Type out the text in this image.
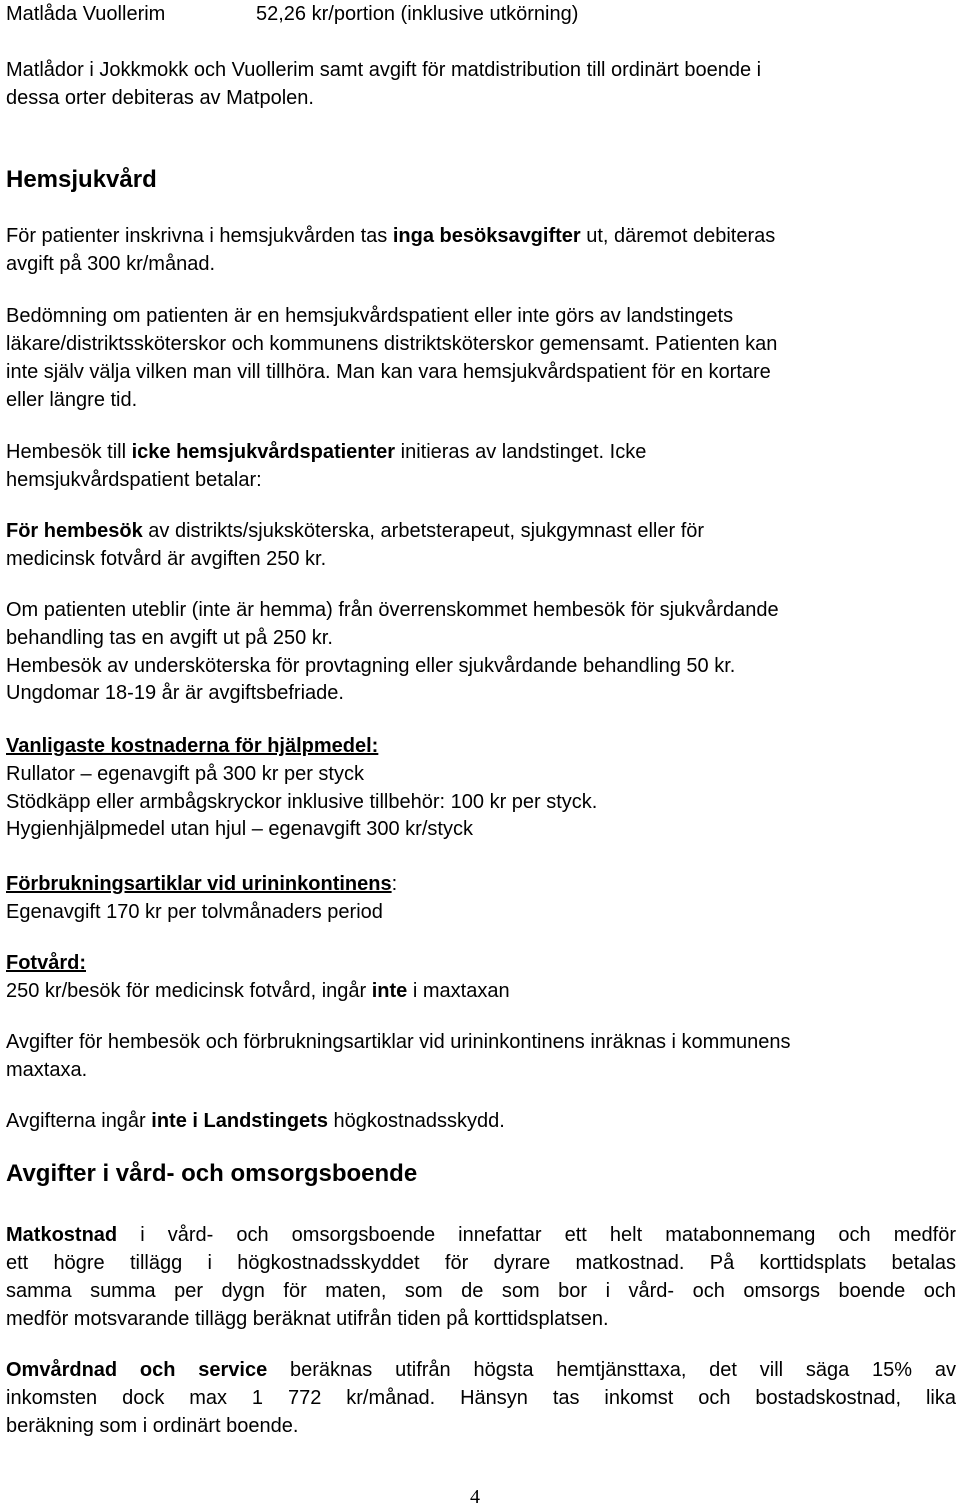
Matlåda Vuollerim	52,26 kr/portion (inklusive utkörning)
Matlådor i Jokkmokk och Vuollerim samt avgift för matdistribution till ordinärt boende i
dessa orter debiteras av Matpolen.
Hemsjukvård
För patienter inskrivna i hemsjukvården tas inga besöksavgifter ut, däremot debiteras
avgift på 300 kr/månad.
Bedömning om patienten är en hemsjukvårdspatient eller inte görs av landstingets
läkare/distriktssköterskor och kommunens distriktsköterskor gemensamt. Patienten kan
inte själv välja vilken man vill tillhöra. Man kan vara hemsjukvårdspatient för en kortare
eller längre tid.
Hembesök till icke hemsjukvårdspatienter initieras av landstinget. Icke
hemsjukvårdspatient betalar:
För hembesök av distrikts/sjuksköterska, arbetsterapeut, sjukgymnast eller för
medicinsk fotvård är avgiften 250 kr.
Om patienten uteblir (inte är hemma) från överrenskommet hembesök för sjukvårdande
behandling tas en avgift ut på 250 kr.
Hembesök av undersköterska för provtagning eller sjukvårdande behandling 50 kr.
Ungdomar 18-19 år är avgiftsbefriade.
Vanligaste kostnaderna för hjälpmedel:
Rullator – egenavgift på 300 kr per styck
Stödkäpp eller armbågskryckor inklusive tillbehör: 100 kr per styck.
Hygienhjälpmedel utan hjul – egenavgift 300 kr/styck
Förbrukningsartiklar vid urininkontinens:
Egenavgift 170 kr per tolvmånaders period
Fotvård:
250 kr/besök för medicinsk fotvård, ingår inte i maxtaxan
Avgifter för hembesök och förbrukningsartiklar vid urininkontinens inräknas i kommunens
maxtaxa.
Avgifterna ingår inte i Landstingets högkostnadsskydd.
Avgifter i vård- och omsorgsboende
Matkostnad i vård- och omsorgsboende innefattar ett helt matabonnemang och medför
ett högre tillägg i högkostnadsskyddet för dyrare matkostnad. På korttidsplats betalas
samma summa per dygn för maten, som de som bor i vård- och omsorgs boende och
medför motsvarande tillägg beräknat utifrån tiden på korttidsplatsen.
Omvårdnad och service beräknas utifrån högsta hemtjänsttaxa, det vill säga 15% av
inkomsten dock max 1 772 kr/månad. Hänsyn tas inkomst och bostadskostnad, lika
beräkning som i ordinärt boende.
4
